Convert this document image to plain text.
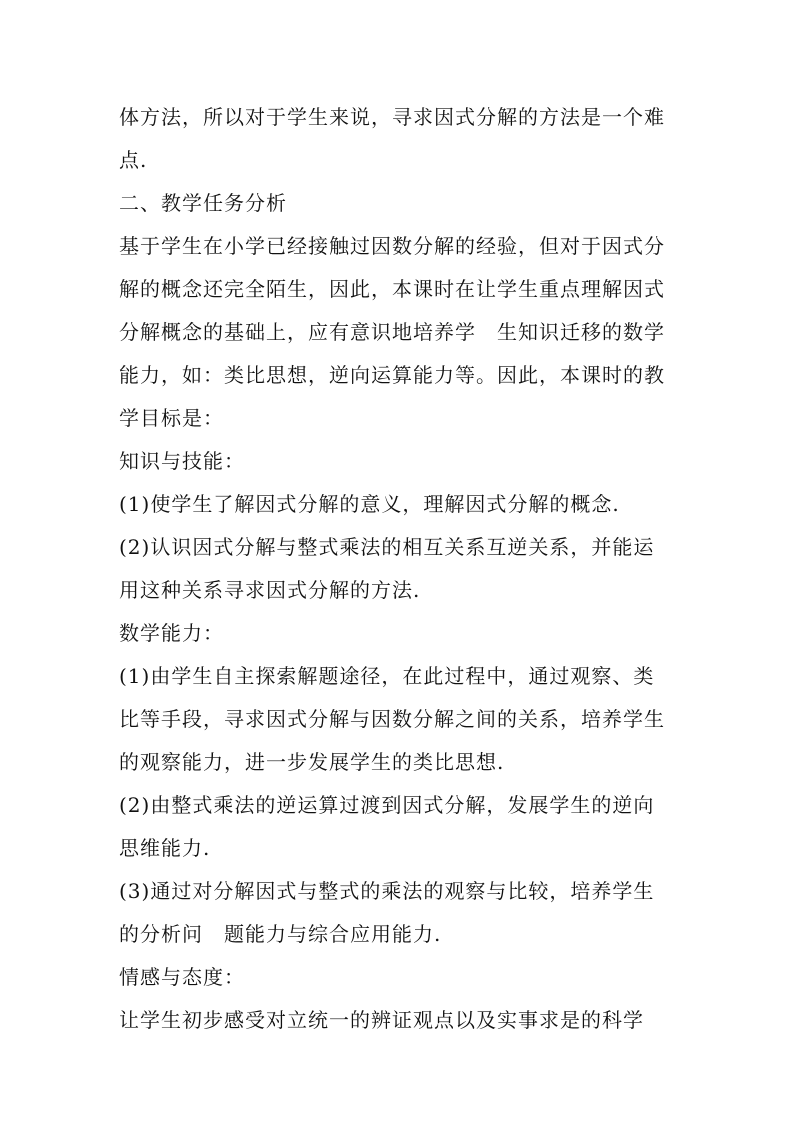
体方法，所以对于学生来说，寻求因式分解的方法是一个难
点.
二、教学任务分析
基于学生在小学已经接触过因数分解的经验，但对于因式分
解的概念还完全陌生，因此，本课时在让学生重点理解因式
分解概念的基础上，应有意识地培养学　生知识迁移的数学
能力，如：类比思想，逆向运算能力等。因此，本课时的教
学目标是：
知识与技能：
(1)使学生了解因式分解的意义，理解因式分解的概念.
(2)认识因式分解与整式乘法的相互关系互逆关系，并能运
用这种关系寻求因式分解的方法.
数学能力：
(1)由学生自主探索解题途径，在此过程中，通过观察、类
比等手段，寻求因式分解与因数分解之间的关系，培养学生
的观察能力，进一步发展学生的类比思想.
(2)由整式乘法的逆运算过渡到因式分解，发展学生的逆向
思维能力.
(3)通过对分解因式与整式的乘法的观察与比较，培养学生
的分析问　题能力与综合应用能力.
情感与态度：
让学生初步感受对立统一的辨证观点以及实事求是的科学
